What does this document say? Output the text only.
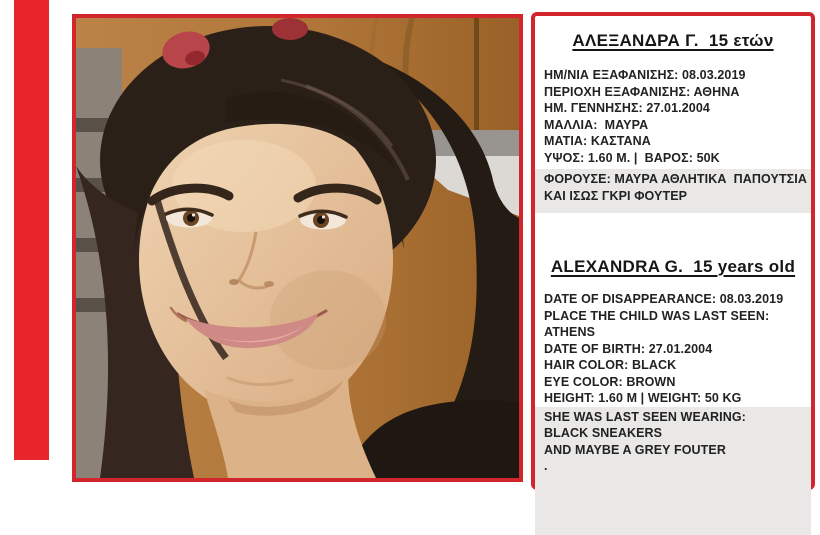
ΑΛΕΞΑΝΔΡΑ Γ.  15 ετών

ΗΜ/ΝΙΑ ΕΞΑΦΑΝΙΣΗΣ: 08.03.2019

ΠΕΡΙΟΧΗ ΕΞΑΦΑΝΙΣΗΣ: ΑΘΗΝΑ

ΗΜ. ΓΕΝΝΗΣΗΣ: 27.01.2004

ΜΑΛΛΙΑ:  ΜΑΥΡΑ

ΜΑΤΙΑ: ΚΑΣΤΑΝΑ

ΥΨΟΣ: 1.60 Μ. |  ΒΑΡΟΣ: 50Κ

ΦΟΡΟΥΣΕ: ΜΑΥΡΑ ΑΘΛΗΤΙΚΑ  ΠΑΠΟΥΤΣΙΑ

ΚΑΙ ΙΣΩΣ ΓΚΡΙ ΦΟΥΤΕΡ

ALEXANDRA G.  15 years old

DATE OF DISAPPEARANCE: 08.03.2019

PLACE THE CHILD WAS LAST SEEN:

ATHENS

DATE OF BIRTH: 27.01.2004

HAIR COLOR: BLACK

EYE COLOR: BROWN

HEIGHT: 1.60 M | WEIGHT: 50 KG

SHE WAS LAST SEEN WEARING:

BLACK SNEAKERS

AND MAYBE A GREY FOUTER

.
